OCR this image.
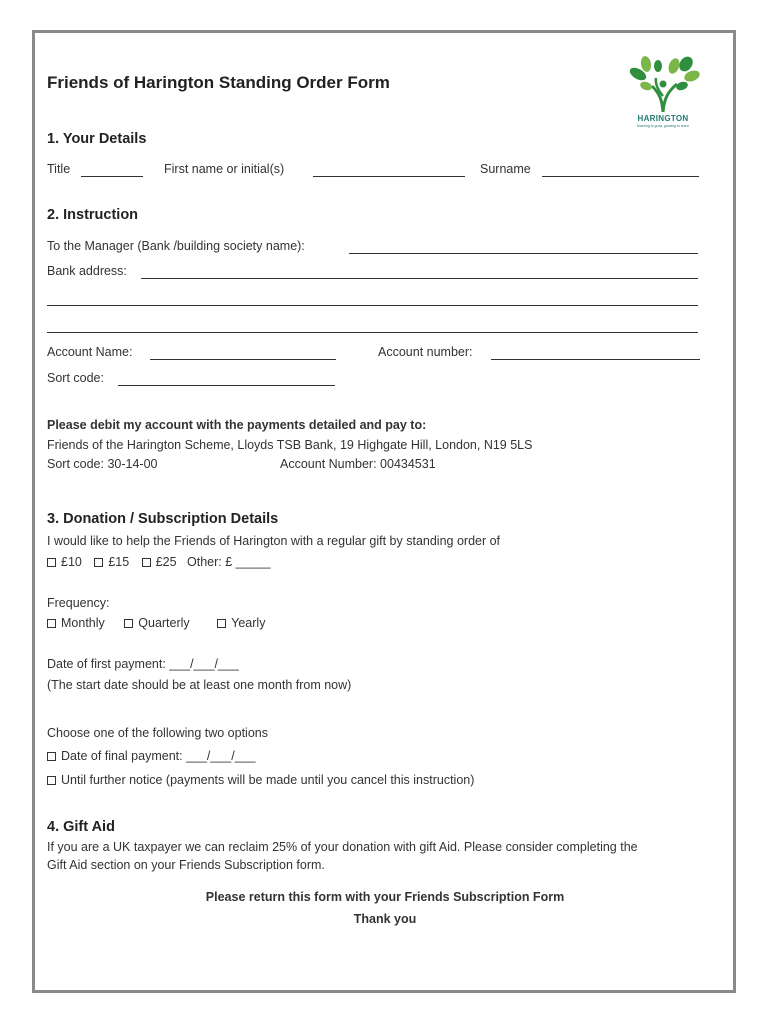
Friends of Harington Standing Order Form
HARINGTON
learning to grow, growing to learn
1. Your Details
Title	First name or initial(s)	Surname
2. Instruction
To the Manager (Bank /building society name):
Bank address:
Account Name:	Account number:
Sort code:
Please debit my account with the payments detailed and pay to:
Friends of the Harington Scheme, Lloyds TSB Bank, 19 Highgate Hill, London, N19 5LS
Sort code: 30-14-00	Account Number: 00434531
3. Donation / Subscription Details
I would like to help the Friends of Harington with a regular gift by standing order of
£10 £15 £25 Other: £ _____
Frequency:
Monthly	Quarterly	Yearly
Date of first payment: ___/___/___
(The start date should be at least one month from now)
Choose one of the following two options
Date of final payment: ___/___/___
Until further notice (payments will be made until you cancel this instruction)
4. Gift Aid
If you are a UK taxpayer we can reclaim 25% of your donation with gift Aid. Please consider completing the
Gift Aid section on your Friends Subscription form.
Please return this form with your Friends Subscription Form
Thank you
